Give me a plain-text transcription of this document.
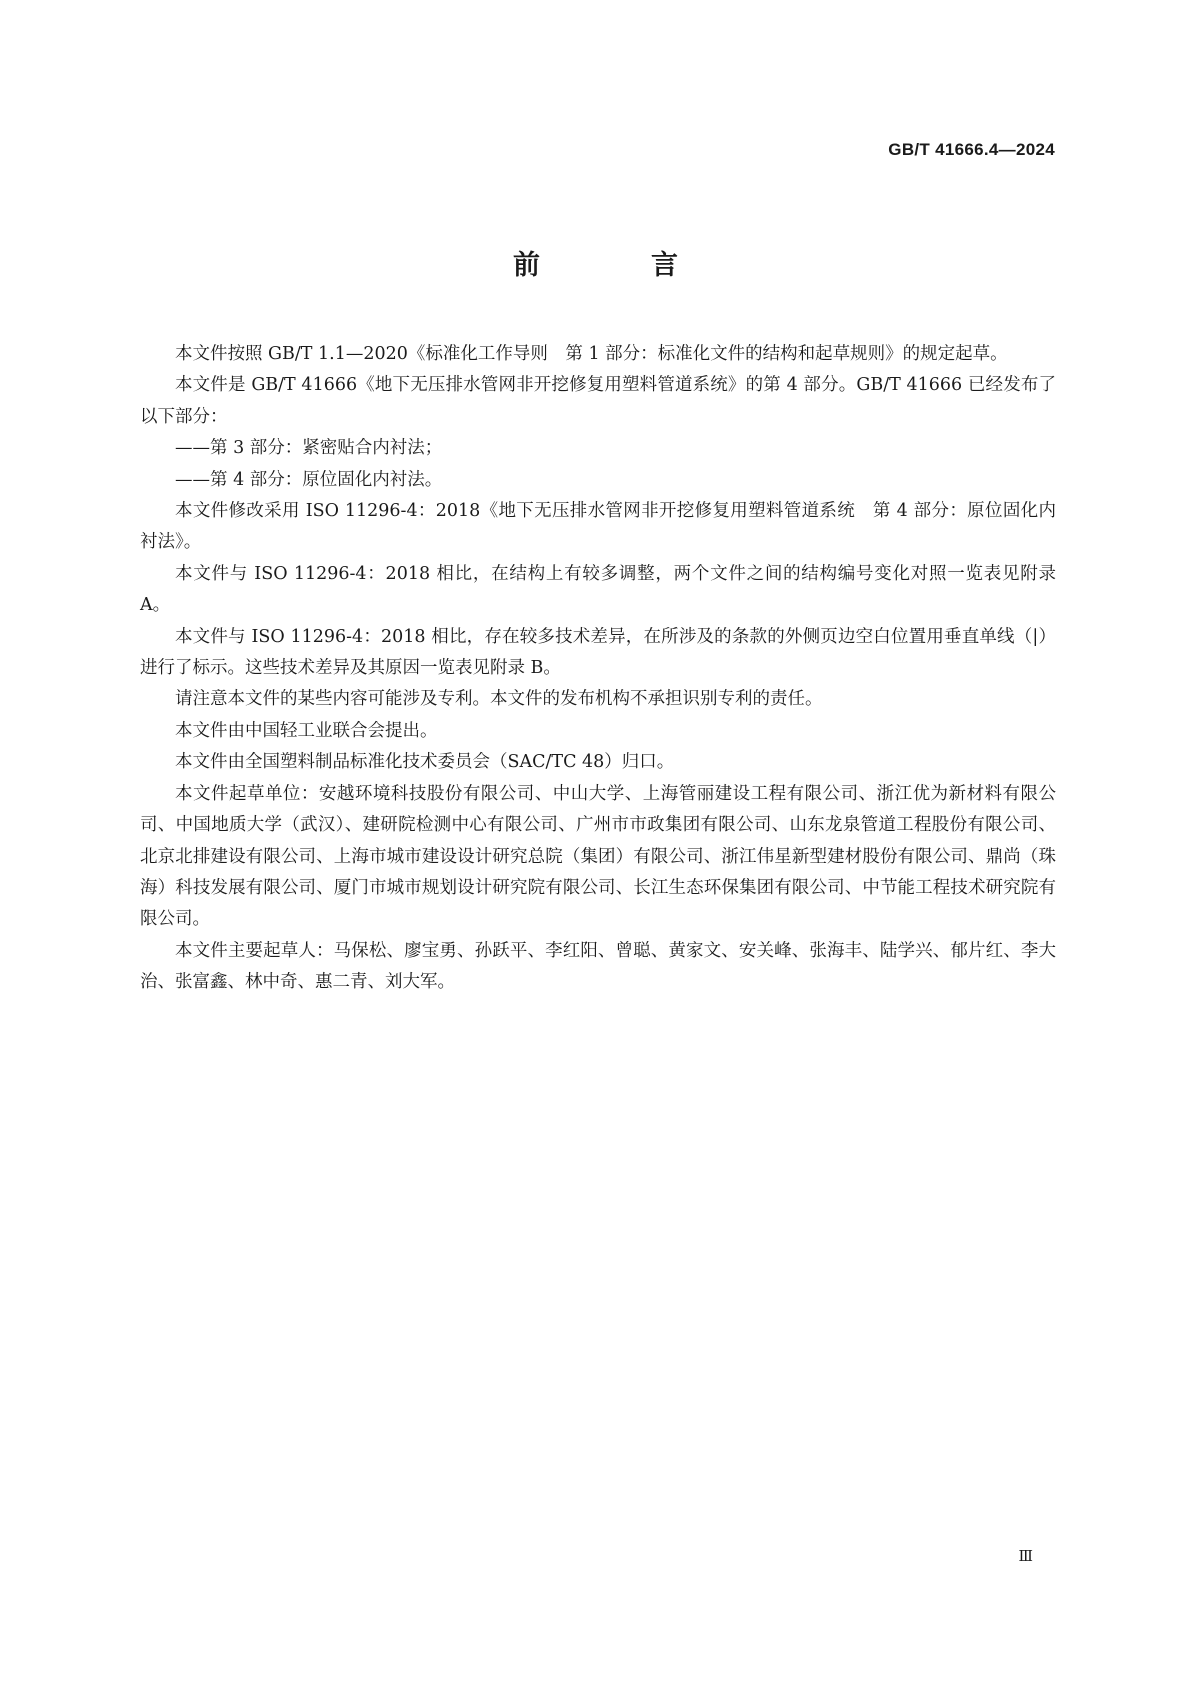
GB/T 41666.4—2024
前　言

本文件按照 GB/T 1.1—2020《标准化工作导则　第 1 部分：标准化文件的结构和起草规则》的规定起草。

本文件是 GB/T 41666《地下无压排水管网非开挖修复用塑料管道系统》的第 4 部分。GB/T 41666 已经发布了以下部分：

——第 3 部分：紧密贴合内衬法；

——第 4 部分：原位固化内衬法。

本文件修改采用 ISO 11296-4：2018《地下无压排水管网非开挖修复用塑料管道系统　第 4 部分：原位固化内衬法》。

本文件与 ISO 11296-4：2018 相比，在结构上有较多调整，两个文件之间的结构编号变化对照一览表见附录 A。

本文件与 ISO 11296-4：2018 相比，存在较多技术差异，在所涉及的条款的外侧页边空白位置用垂直单线（|）进行了标示。这些技术差异及其原因一览表见附录 B。

请注意本文件的某些内容可能涉及专利。本文件的发布机构不承担识别专利的责任。

本文件由中国轻工业联合会提出。

本文件由全国塑料制品标准化技术委员会（SAC/TC 48）归口。

本文件起草单位：安越环境科技股份有限公司、中山大学、上海管丽建设工程有限公司、浙江优为新材料有限公司、中国地质大学（武汉）、建研院检测中心有限公司、广州市市政集团有限公司、山东龙泉管道工程股份有限公司、北京北排建设有限公司、上海市城市建设设计研究总院（集团）有限公司、浙江伟星新型建材股份有限公司、鼎尚（珠海）科技发展有限公司、厦门市城市规划设计研究院有限公司、长江生态环保集团有限公司、中节能工程技术研究院有限公司。

本文件主要起草人：马保松、廖宝勇、孙跃平、李红阳、曾聪、黄家文、安关峰、张海丰、陆学兴、郁片红、李大治、张富鑫、林中奇、惠二青、刘大军。

Ⅲ
